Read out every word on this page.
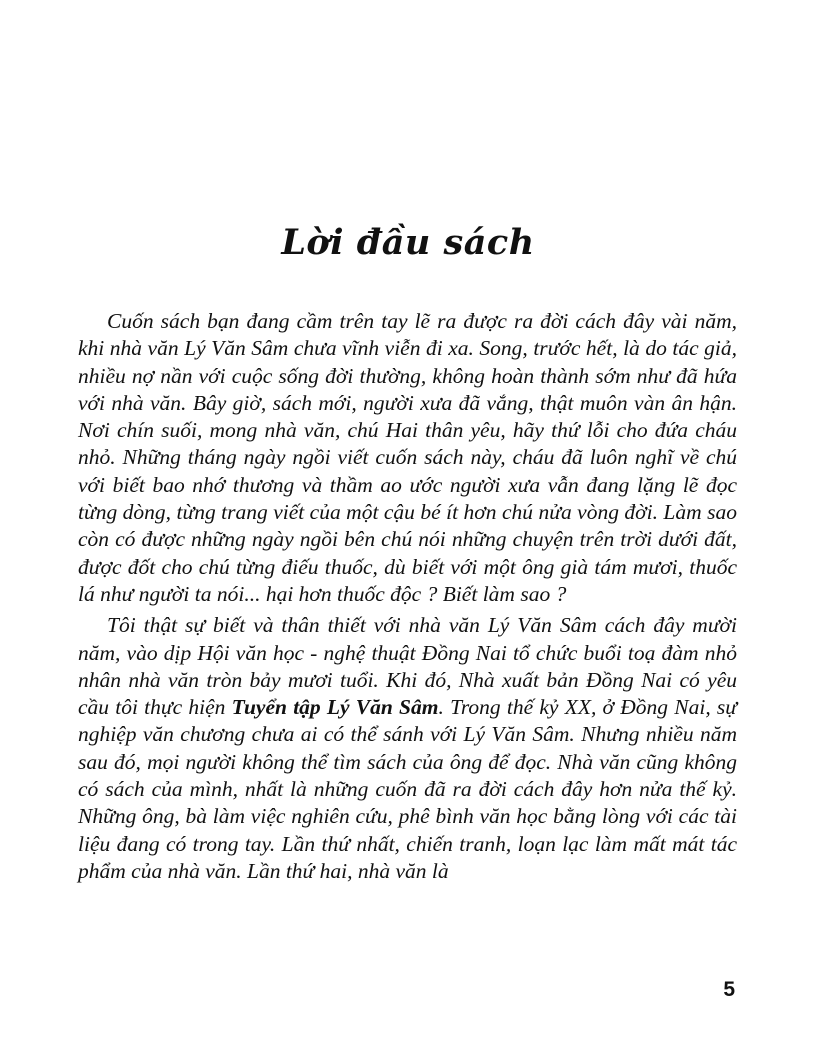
Lời đầu sách

Cuốn sách bạn đang cầm trên tay lẽ ra được ra đời cách đây vài năm, khi nhà văn Lý Văn Sâm chưa vĩnh viễn đi xa. Song, trước hết, là do tác giả, nhiều nợ nần với cuộc sống đời thường, không hoàn thành sớm như đã hứa với nhà văn. Bây giờ, sách mới, người xưa đã vắng, thật muôn vàn ân hận. Nơi chín suối, mong nhà văn, chú Hai thân yêu, hãy thứ lỗi cho đứa cháu nhỏ. Những tháng ngày ngồi viết cuốn sách này, cháu đã luôn nghĩ về chú với biết bao nhớ thương và thầm ao ước người xưa vẫn đang lặng lẽ đọc từng dòng, từng trang viết của một cậu bé ít hơn chú nửa vòng đời. Làm sao còn có được những ngày ngồi bên chú nói những chuyện trên trời dưới đất, được đốt cho chú từng điếu thuốc, dù biết với một ông già tám mươi, thuốc lá như người ta nói... hại hơn thuốc độc ? Biết làm sao ?

Tôi thật sự biết và thân thiết với nhà văn Lý Văn Sâm cách đây mười năm, vào dịp Hội văn học - nghệ thuật Đồng Nai tổ chức buổi toạ đàm nhỏ nhân nhà văn tròn bảy mươi tuổi. Khi đó, Nhà xuất bản Đồng Nai có yêu cầu tôi thực hiện Tuyển tập Lý Văn Sâm. Trong thế kỷ XX, ở Đồng Nai, sự nghiệp văn chương chưa ai có thể sánh với Lý Văn Sâm. Nhưng nhiều năm sau đó, mọi người không thể tìm sách của ông để đọc. Nhà văn cũng không có sách của mình, nhất là những cuốn đã ra đời cách đây hơn nửa thế kỷ. Những ông, bà làm việc nghiên cứu, phê bình văn học bằng lòng với các tài liệu đang có trong tay. Lần thứ nhất, chiến tranh, loạn lạc làm mất mát tác phẩm của nhà văn. Lần thứ hai, nhà văn là

5
